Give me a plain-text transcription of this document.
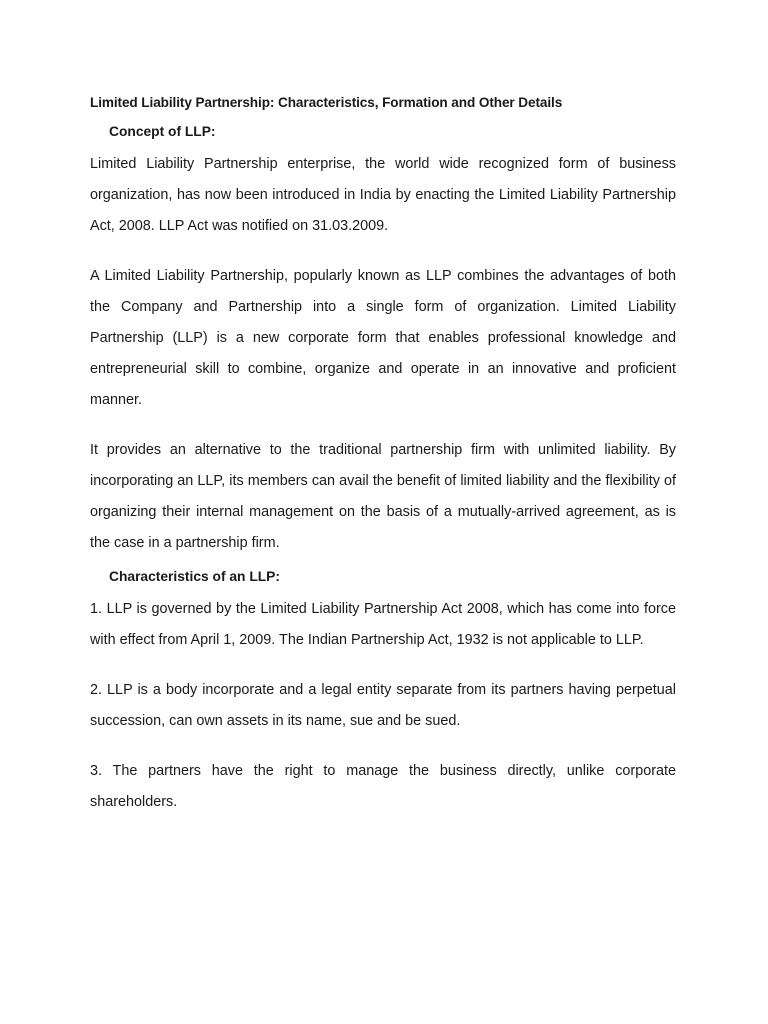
Limited Liability Partnership: Characteristics, Formation and Other Details
Concept of LLP:

Limited Liability Partnership enterprise, the world wide recognized form of business organization, has now been introduced in India by enacting the Limited Liability Partnership Act, 2008. LLP Act was notified on 31.03.2009.

A Limited Liability Partnership, popularly known as LLP combines the advantages of both the Company and Partnership into a single form of organization. Limited Liability Partnership (LLP) is a new corporate form that enables professional knowledge and entrepreneurial skill to combine, organize and operate in an innovative and proficient manner.

It provides an alternative to the traditional partnership firm with unlimited liability. By incorporating an LLP, its members can avail the benefit of limited liability and the flexibility of organizing their internal management on the basis of a mutually-arrived agreement, as is the case in a partnership firm.

Characteristics of an LLP:

1. LLP is governed by the Limited Liability Partnership Act 2008, which has come into force with effect from April 1, 2009. The Indian Partnership Act, 1932 is not applicable to LLP.

2. LLP is a body incorporate and a legal entity separate from its partners having perpetual succession, can own assets in its name, sue and be sued.

3. The partners have the right to manage the business directly, unlike corporate shareholders.
